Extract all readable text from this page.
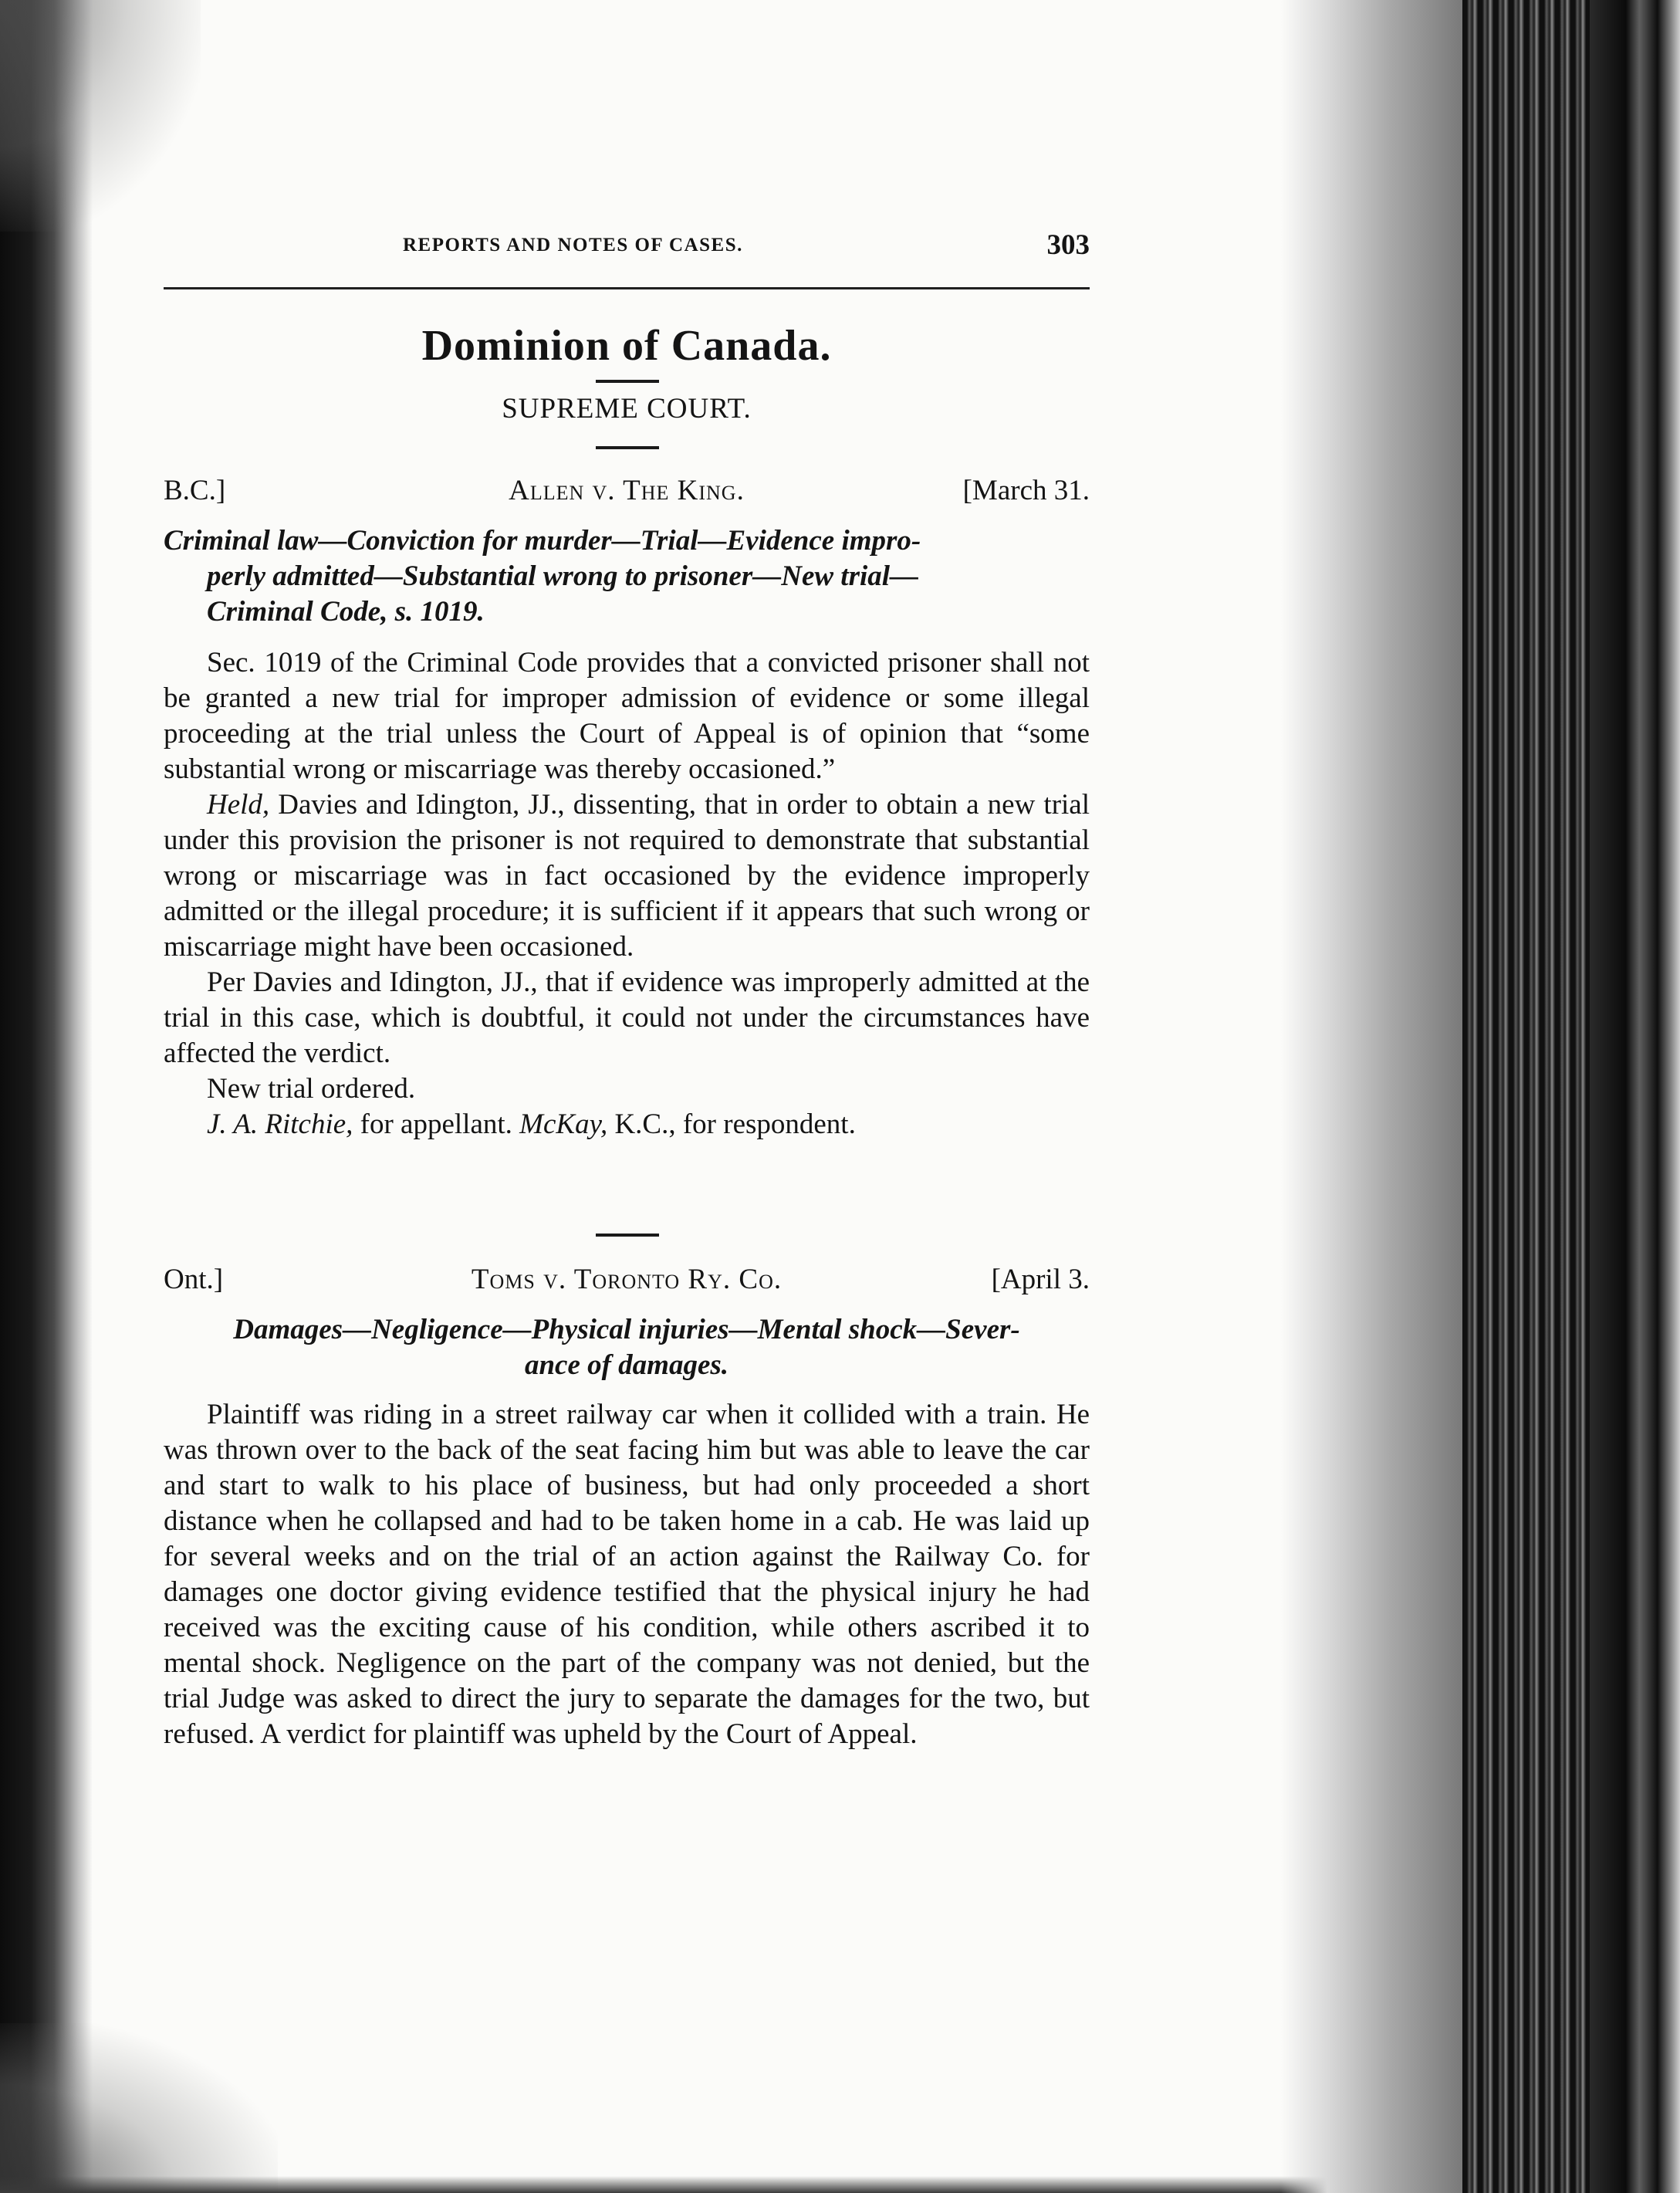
REPORTS AND NOTES OF CASES.	303
Dominion of Canada.
SUPREME COURT.
B.C.]	Allen v. The King.	[March 31.
Criminal law—Conviction for murder—Trial—Evidence impro-
perly admitted—Substantial wrong to prisoner—New trial—
Criminal Code, s. 1019.

Sec. 1019 of the Criminal Code provides that a convicted prisoner shall not be granted a new trial for improper admission of evidence or some illegal proceeding at the trial unless the Court of Appeal is of opinion that “some substantial wrong or miscarriage was thereby occasioned.”

Held, Davies and Idington, JJ., dissenting, that in order to obtain a new trial under this provision the prisoner is not required to demonstrate that substantial wrong or miscarriage was in fact occasioned by the evidence improperly admitted or the illegal procedure; it is sufficient if it appears that such wrong or miscarriage might have been occasioned.

Per Davies and Idington, JJ., that if evidence was improperly admitted at the trial in this case, which is doubtful, it could not under the circumstances have affected the verdict.

New trial ordered.

J. A. Ritchie, for appellant. McKay, K.C., for respondent.

Ont.]	Toms v. Toronto Ry. Co.	[April 3.
Damages—Negligence—Physical injuries—Mental shock—Sever-
ance of damages.

Plaintiff was riding in a street railway car when it collided with a train. He was thrown over to the back of the seat facing him but was able to leave the car and start to walk to his place of business, but had only proceeded a short distance when he collapsed and had to be taken home in a cab. He was laid up for several weeks and on the trial of an action against the Railway Co. for damages one doctor giving evidence testified that the physical injury he had received was the exciting cause of his condition, while others ascribed it to mental shock. Negligence on the part of the company was not denied, but the trial Judge was asked to direct the jury to separate the damages for the two, but refused. A verdict for plaintiff was upheld by the Court of Appeal.
